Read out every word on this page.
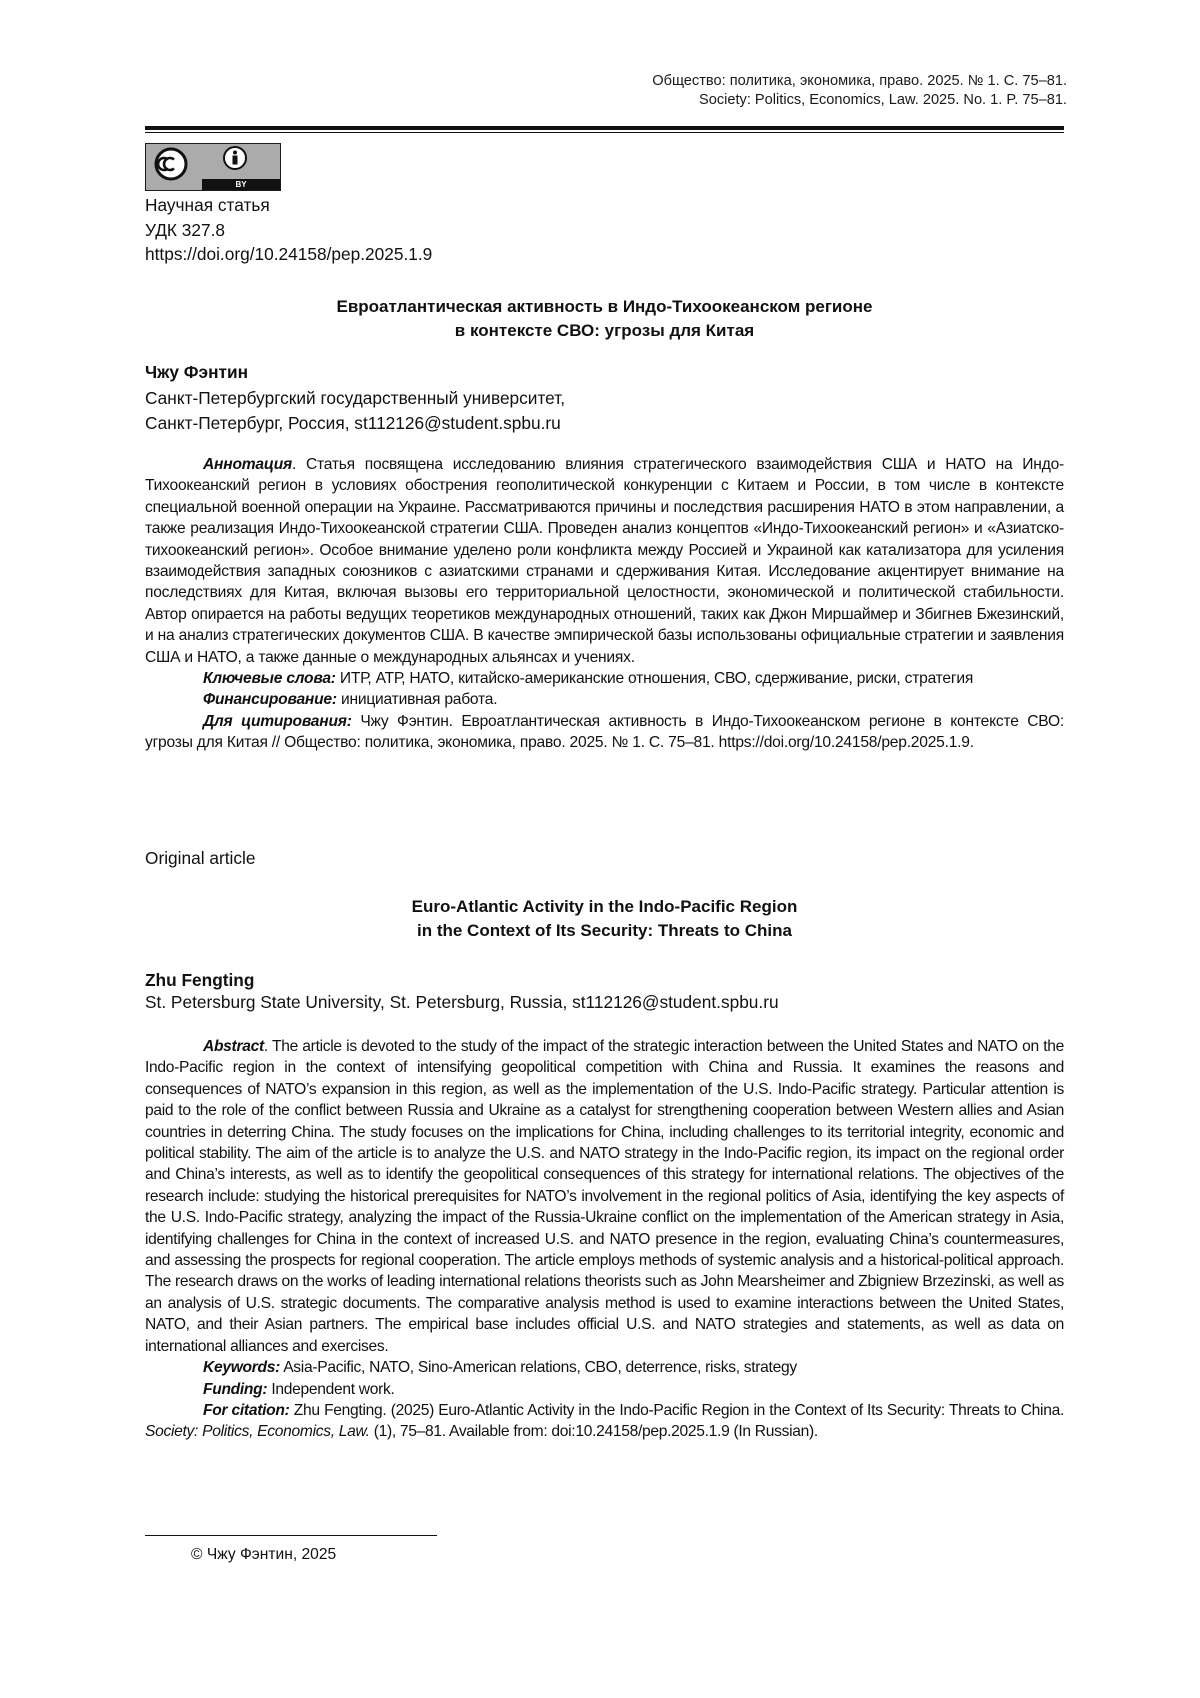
Общество: политика, экономика, право. 2025. № 1. С. 75–81.
Society: Politics, Economics, Law. 2025. No. 1. P. 75–81.
BY
Научная статья
УДК 327.8
https://doi.org/10.24158/pep.2025.1.9
Евроатлантическая активность в Индо-Тихоокеанском регионе
в контексте СВО: угрозы для Китая
Чжу Фэнтин
Санкт-Петербургский государственный университет,
Санкт-Петербург, Россия, st112126@student.spbu.ru

Аннотация. Статья посвящена исследованию влияния стратегического взаимодействия США и НАТО на Индо-Тихоокеанский регион в условиях обострения геополитической конкуренции с Китаем и России, в том числе в контексте специальной военной операции на Украине. Рассматриваются причины и последствия расширения НАТО в этом направлении, а также реализация Индо-Тихоокеанской стратегии США. Проведен анализ концептов «Индо-Тихоокеанский регион» и «Азиатско-тихоокеанский регион». Особое внимание уделено роли конфликта между Россией и Украиной как катализатора для усиления взаимодействия западных союзников с азиатскими странами и сдерживания Китая. Исследование акцентирует внимание на последствиях для Китая, включая вызовы его территориальной целостности, экономической и политической стабильности. Автор опирается на работы ведущих теоретиков международных отношений, таких как Джон Миршаймер и Збигнев Бжезинский, и на анализ стратегических документов США. В качестве эмпирической базы использованы официальные стратегии и заявления США и НАТО, а также данные о международных альянсах и учениях.

Ключевые слова: ИТР, АТР, НАТО, китайско-американские отношения, СВО, сдерживание, риски, стратегия

Финансирование: инициативная работа.

Для цитирования: Чжу Фэнтин. Евроатлантическая активность в Индо-Тихоокеанском регионе в контексте СВО: угрозы для Китая // Общество: политика, экономика, право. 2025. № 1. С. 75–81. https://doi.org/10.24158/pep.2025.1.9.

Original article
Euro-Atlantic Activity in the Indo-Pacific Region
in the Context of Its Security: Threats to China
Zhu Fengting
St. Petersburg State University, St. Petersburg, Russia, st112126@student.spbu.ru

Abstract. The article is devoted to the study of the impact of the strategic interaction between the United States and NATO on the Indo-Pacific region in the context of intensifying geopolitical competition with China and Russia. It examines the reasons and consequences of NATO’s expansion in this region, as well as the implementation of the U.S. Indo-Pacific strategy. Particular attention is paid to the role of the conflict between Russia and Ukraine as a catalyst for strengthening cooperation between Western allies and Asian countries in deterring China. The study focuses on the implications for China, including challenges to its territorial integrity, economic and political stability. The aim of the article is to analyze the U.S. and NATO strategy in the Indo-Pacific region, its impact on the regional order and China’s interests, as well as to identify the geopolitical consequences of this strategy for international relations. The objectives of the research include: studying the historical prerequisites for NATO’s involvement in the regional politics of Asia, identifying the key aspects of the U.S. Indo-Pacific strategy, analyzing the impact of the Russia-Ukraine conflict on the implementation of the American strategy in Asia, identifying challenges for China in the context of increased U.S. and NATO presence in the region, evaluating China’s countermeasures, and assessing the prospects for regional cooperation. The article employs methods of systemic analysis and a historical-political approach. The research draws on the works of leading international relations theorists such as John Mearsheimer and Zbigniew Brzezinski, as well as an analysis of U.S. strategic documents. The comparative analysis method is used to examine interactions between the United States, NATO, and their Asian partners. The empirical base includes official U.S. and NATO strategies and statements, as well as data on international alliances and exercises.

Keywords: Asia-Pacific, NATO, Sino-American relations, CBO, deterrence, risks, strategy

Funding: Independent work.

For citation: Zhu Fengting. (2025) Euro-Atlantic Activity in the Indo-Pacific Region in the Context of Its Security: Threats to China. Society: Politics, Economics, Law. (1), 75–81. Available from: doi:10.24158/pep.2025.1.9 (In Russian).

© Чжу Фэнтин, 2025
